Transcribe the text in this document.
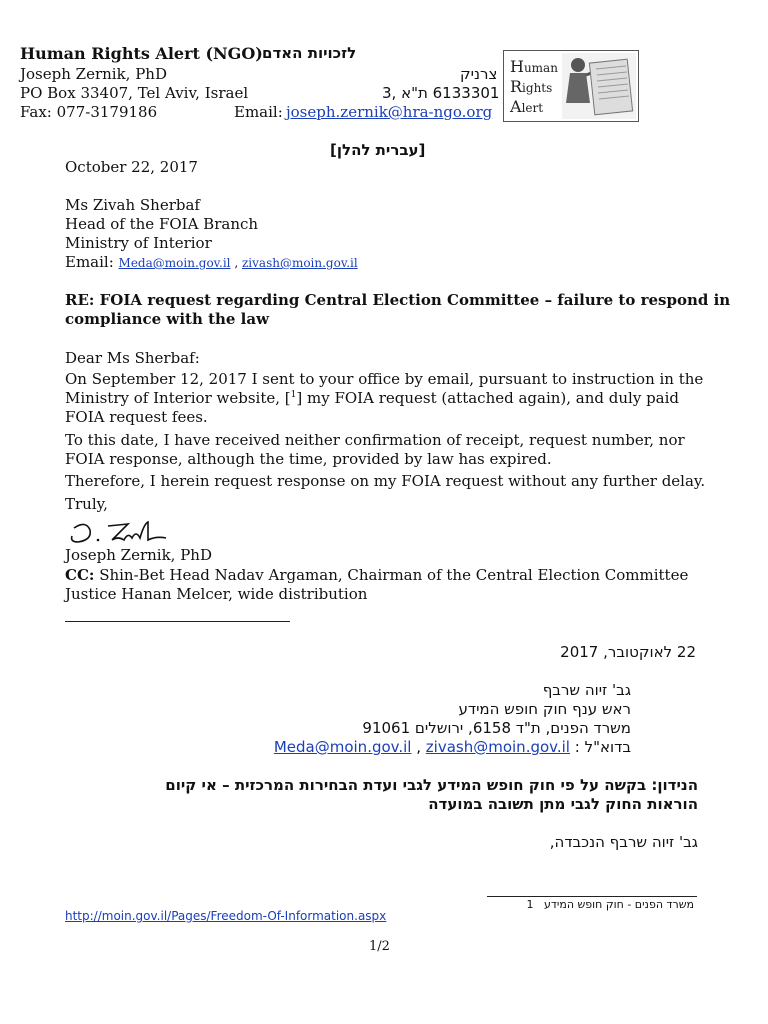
Human Rights Alert (NGO) לזכויות האדם
Joseph Zernik, PhD	צרניק
PO Box 33407, Tel Aviv, Israel	6133301 ת"א ,3
Fax: 077-3179186	Email: joseph.zernik@hra-ngo.org
Human
Rights
Alert
[עברית להלן]
October 22, 2017
Ms Zivah Sherbaf
Head of the FOIA Branch
Ministry of Interior
Email: Meda@moin.gov.il , zivash@moin.gov.il
RE: FOIA request regarding Central Election Committee – failure to respond in
compliance with the law
Dear Ms Sherbaf:
On September 12, 2017 I sent to your office by email, pursuant to instruction in the
Ministry of Interior website, [$^1$] my FOIA request (attached again), and duly paid
FOIA request fees.
To this date, I have received neither confirmation of receipt, request number, nor
FOIA response, although the time, provided by law has expired.
Therefore, I herein request response on my FOIA request without any further delay.
Truly,
Joseph Zernik, PhD
CC: Shin-Bet Head Nadav Argaman, Chairman of the Central Election Committee
Justice Hanan Melcer, wide distribution
22 לאוקטובר, 2017
גב' זיוה שרבף
ראש ענף חוק חופש המידע
משרד הפנים, ת"ד 6158, ירושלים 91061
בדוא"ל : Meda@moin.gov.il , zivash@moin.gov.il
הנידון: בקשה על פי חוק חופש המידע לגבי ועדת הבחירות המרכזית – אי קיום
הוראות החוק לגבי מתן תשובה במועדה
גב' זיוה שרבף הנכבדה,
משרד הפנים - חוק חופש המידע   1
http://moin.gov.il/Pages/Freedom-Of-Information.aspx
1/2
